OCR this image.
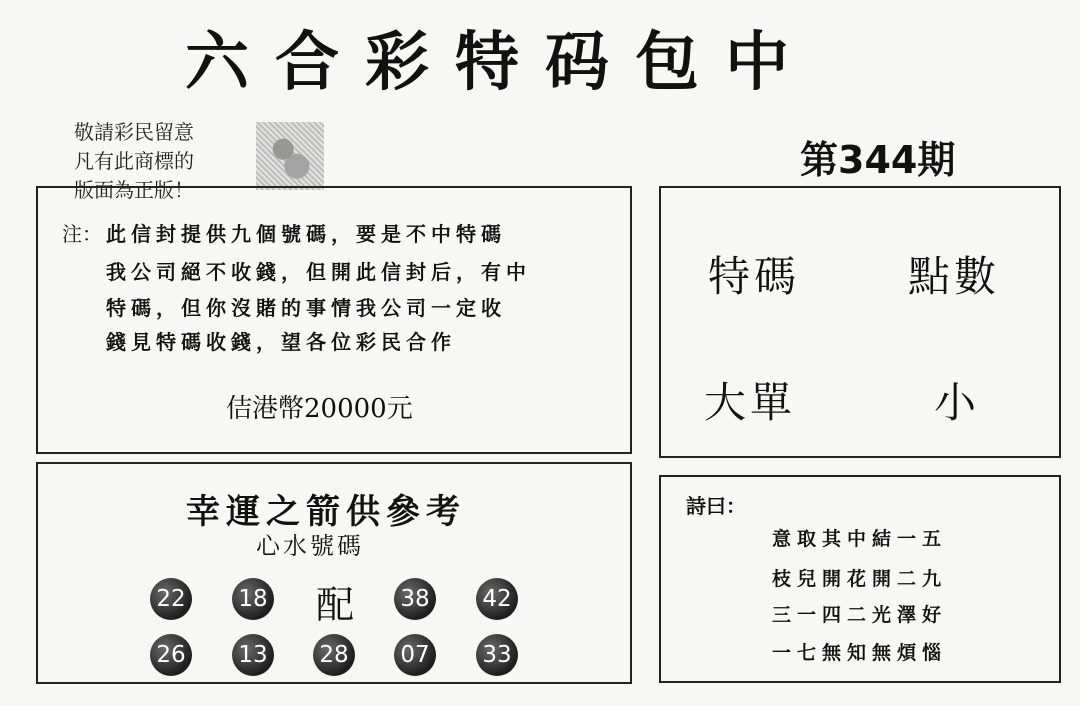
六合彩特码包中
敬請彩民留意
凡有此商標的
版面為正版！
第344期
注： 此信封提供九個號碼，要是不中特碼
我公司絕不收錢，但開此信封后，有中
特碼，但你沒賭的事情我公司一定收
錢見特碼收錢，望各位彩民合作
佶港幣20000元
特碼	點數
大單	小
幸運之箭供參考
心水號碼
22 18 配 38 42
26 13 28 07 33
詩曰：
意取其中結一五
枝兒開花開二九
三一四二光澤好
一七無知無煩惱
